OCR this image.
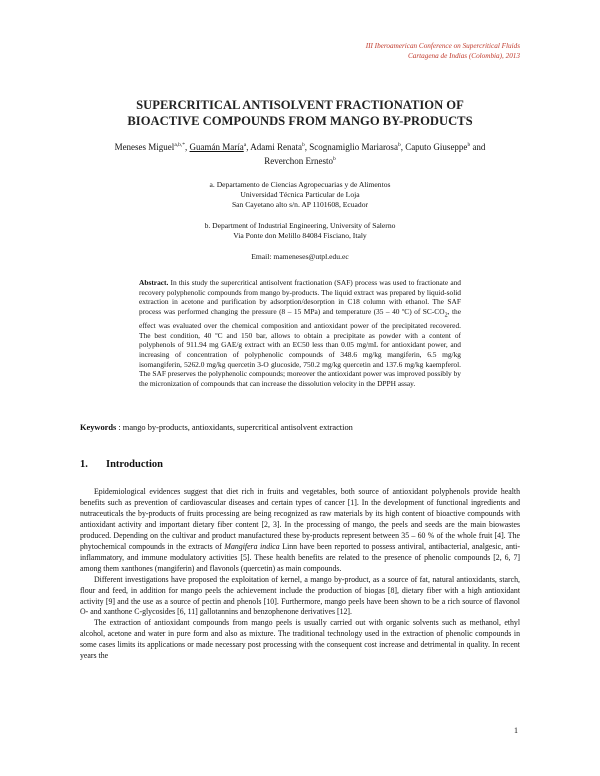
III Iberoamerican Conference on Supercritical Fluids
Cartagena de Indias (Colombia), 2013
SUPERCRITICAL ANTISOLVENT FRACTIONATION OF
BIOACTIVE COMPOUNDS FROM MANGO BY-PRODUCTS
Meneses Miguel$^{a,b,*}$, Guamán María$^a$, Adami Renata$^b$, Scognamiglio Mariarosa$^b$, Caputo Giuseppe$^b$ and
Reverchon Ernesto$^b$
a. Departamento de Ciencias Agropecuarias y de Alimentos
Universidad Técnica Particular de Loja
San Cayetano alto s/n. AP 1101608, Ecuador
b. Department of Industrial Engineering, University of Salerno
Via Ponte don Melillo 84084 Fisciano, Italy
Email: mameneses@utpl.edu.ec
Abstract. In this study the supercritical antisolvent fractionation (SAF) process was used to fractionate and recovery polyphenolic compounds from mango by-products. The liquid extract was prepared by liquid-solid extraction in acetone and purification by adsorption/desorption in C18 column with ethanol. The SAF process was performed changing the pressure (8 – 15 MPa) and temperature (35 – 40 ºC) of $SC-CO_2$, the effect was evaluated over the chemical composition and antioxidant power of the precipitated recovered. The best condition, 40 ºC and 150 bar, allows to obtain a precipitate as powder with a content of polyphenols of 911.94 mg GAE/g extract with an EC50 less than 0.05 mg/mL for antioxidant power, and increasing of concentration of polyphenolic compounds of 348.6 mg/kg mangiferin, 6.5 mg/kg isomangiferin, 5262.0 mg/kg quercetin 3-O glucoside, 750.2 mg/kg quercetin and 137.6 mg/kg kaempferol. The SAF preserves the polyphenolic compounds; moreover the antioxidant power was improved possibly by the micronization of compounds that can increase the dissolution velocity in the DPPH assay.
Keywords : mango by-products, antioxidants, supercritical antisolvent extraction
1. Introduction

Epidemiological evidences suggest that diet rich in fruits and vegetables, both source of antioxidant polyphenols provide health benefits such as prevention of cardiovascular diseases and certain types of cancer [1]. In the development of functional ingredients and nutraceuticals the by-products of fruits processing are being recognized as raw materials by its high content of bioactive compounds with antioxidant activity and important dietary fiber content [2, 3]. In the processing of mango, the peels and seeds are the main biowastes produced. Depending on the cultivar and product manufactured these by-products represent between 35 – 60 % of the whole fruit [4]. The phytochemical compounds in the extracts of Mangifera indica Linn have been reported to possess antiviral, antibacterial, analgesic, anti-inflammatory, and immune modulatory activities [5]. These health benefits are related to the presence of phenolic compounds [2, 6, 7] among them xanthones (mangiferin) and flavonols (quercetin) as main compounds.

Different investigations have proposed the exploitation of kernel, a mango by-product, as a source of fat, natural antioxidants, starch, flour and feed, in addition for mango peels the achievement include the production of biogas [8], dietary fiber with a high antioxidant activity [9] and the use as a source of pectin and phenols [10]. Furthermore, mango peels have been shown to be a rich source of flavonol O- and xanthone C-glycosides [6, 11] gallotannins and benzophenone derivatives [12].

The extraction of antioxidant compounds from mango peels is usually carried out with organic solvents such as methanol, ethyl alcohol, acetone and water in pure form and also as mixture. The traditional technology used in the extraction of phenolic compounds in some cases limits its applications or made necessary post processing with the consequent cost increase and detrimental in quality. In recent years the

1
